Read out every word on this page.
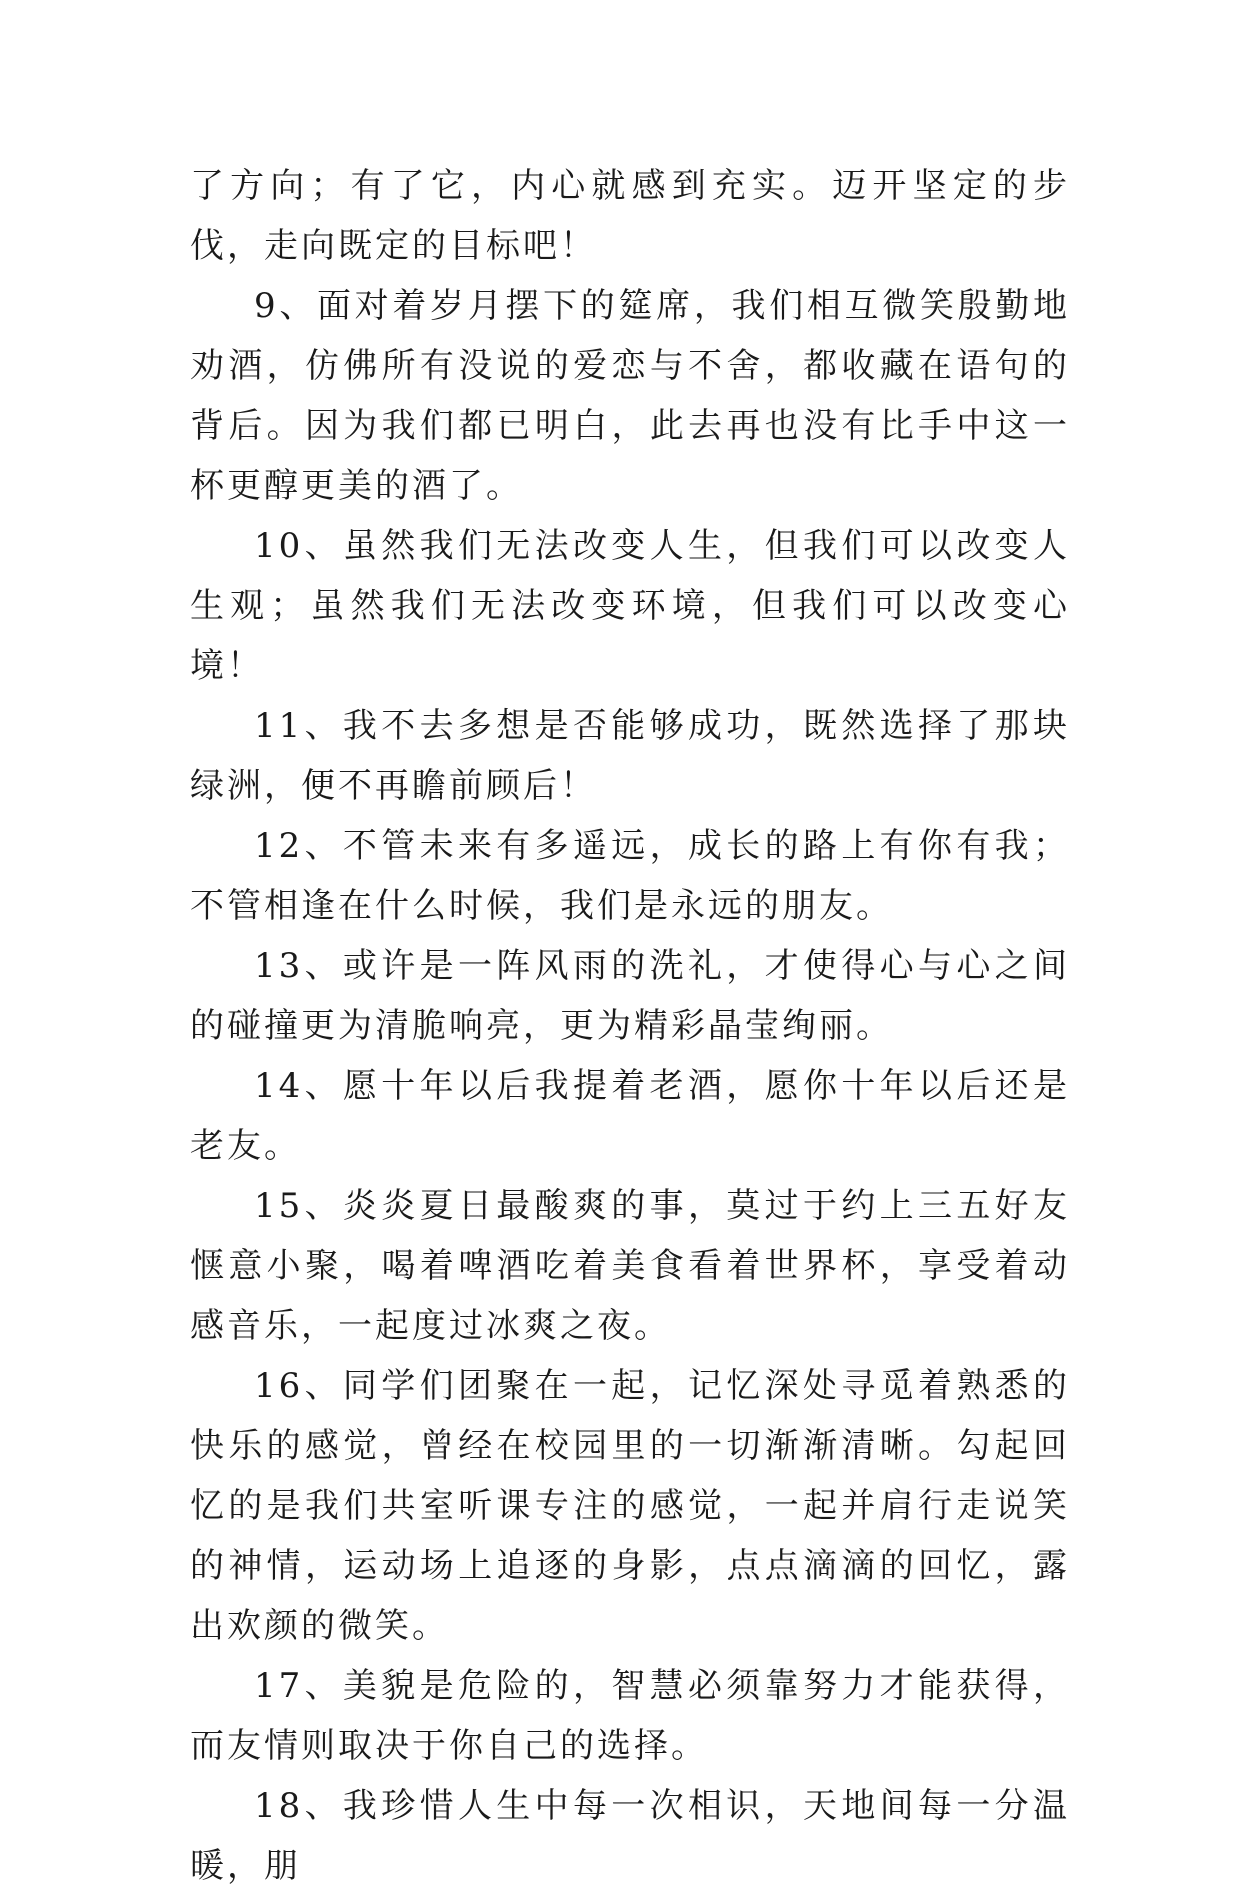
了方向；有了它，内心就感到充实。迈开坚定的步伐，走向既定的目标吧！

9、面对着岁月摆下的筵席，我们相互微笑殷勤地劝酒，仿佛所有没说的爱恋与不舍，都收藏在语句的背后。因为我们都已明白，此去再也没有比手中这一杯更醇更美的酒了。

10、虽然我们无法改变人生，但我们可以改变人生观；虽然我们无法改变环境，但我们可以改变心境！

11、我不去多想是否能够成功，既然选择了那块绿洲，便不再瞻前顾后！

12、不管未来有多遥远，成长的路上有你有我；不管相逢在什么时候，我们是永远的朋友。

13、或许是一阵风雨的洗礼，才使得心与心之间的碰撞更为清脆响亮，更为精彩晶莹绚丽。

14、愿十年以后我提着老酒，愿你十年以后还是老友。

15、炎炎夏日最酸爽的事，莫过于约上三五好友惬意小聚，喝着啤酒吃着美食看着世界杯，享受着动感音乐，一起度过冰爽之夜。

16、同学们团聚在一起，记忆深处寻觅着熟悉的快乐的感觉，曾经在校园里的一切渐渐清晰。勾起回忆的是我们共室听课专注的感觉，一起并肩行走说笑的神情，运动场上追逐的身影，点点滴滴的回忆，露出欢颜的微笑。

17、美貌是危险的，智慧必须靠努力才能获得，而友情则取决于你自己的选择。

18、我珍惜人生中每一次相识，天地间每一分温暖，朋
